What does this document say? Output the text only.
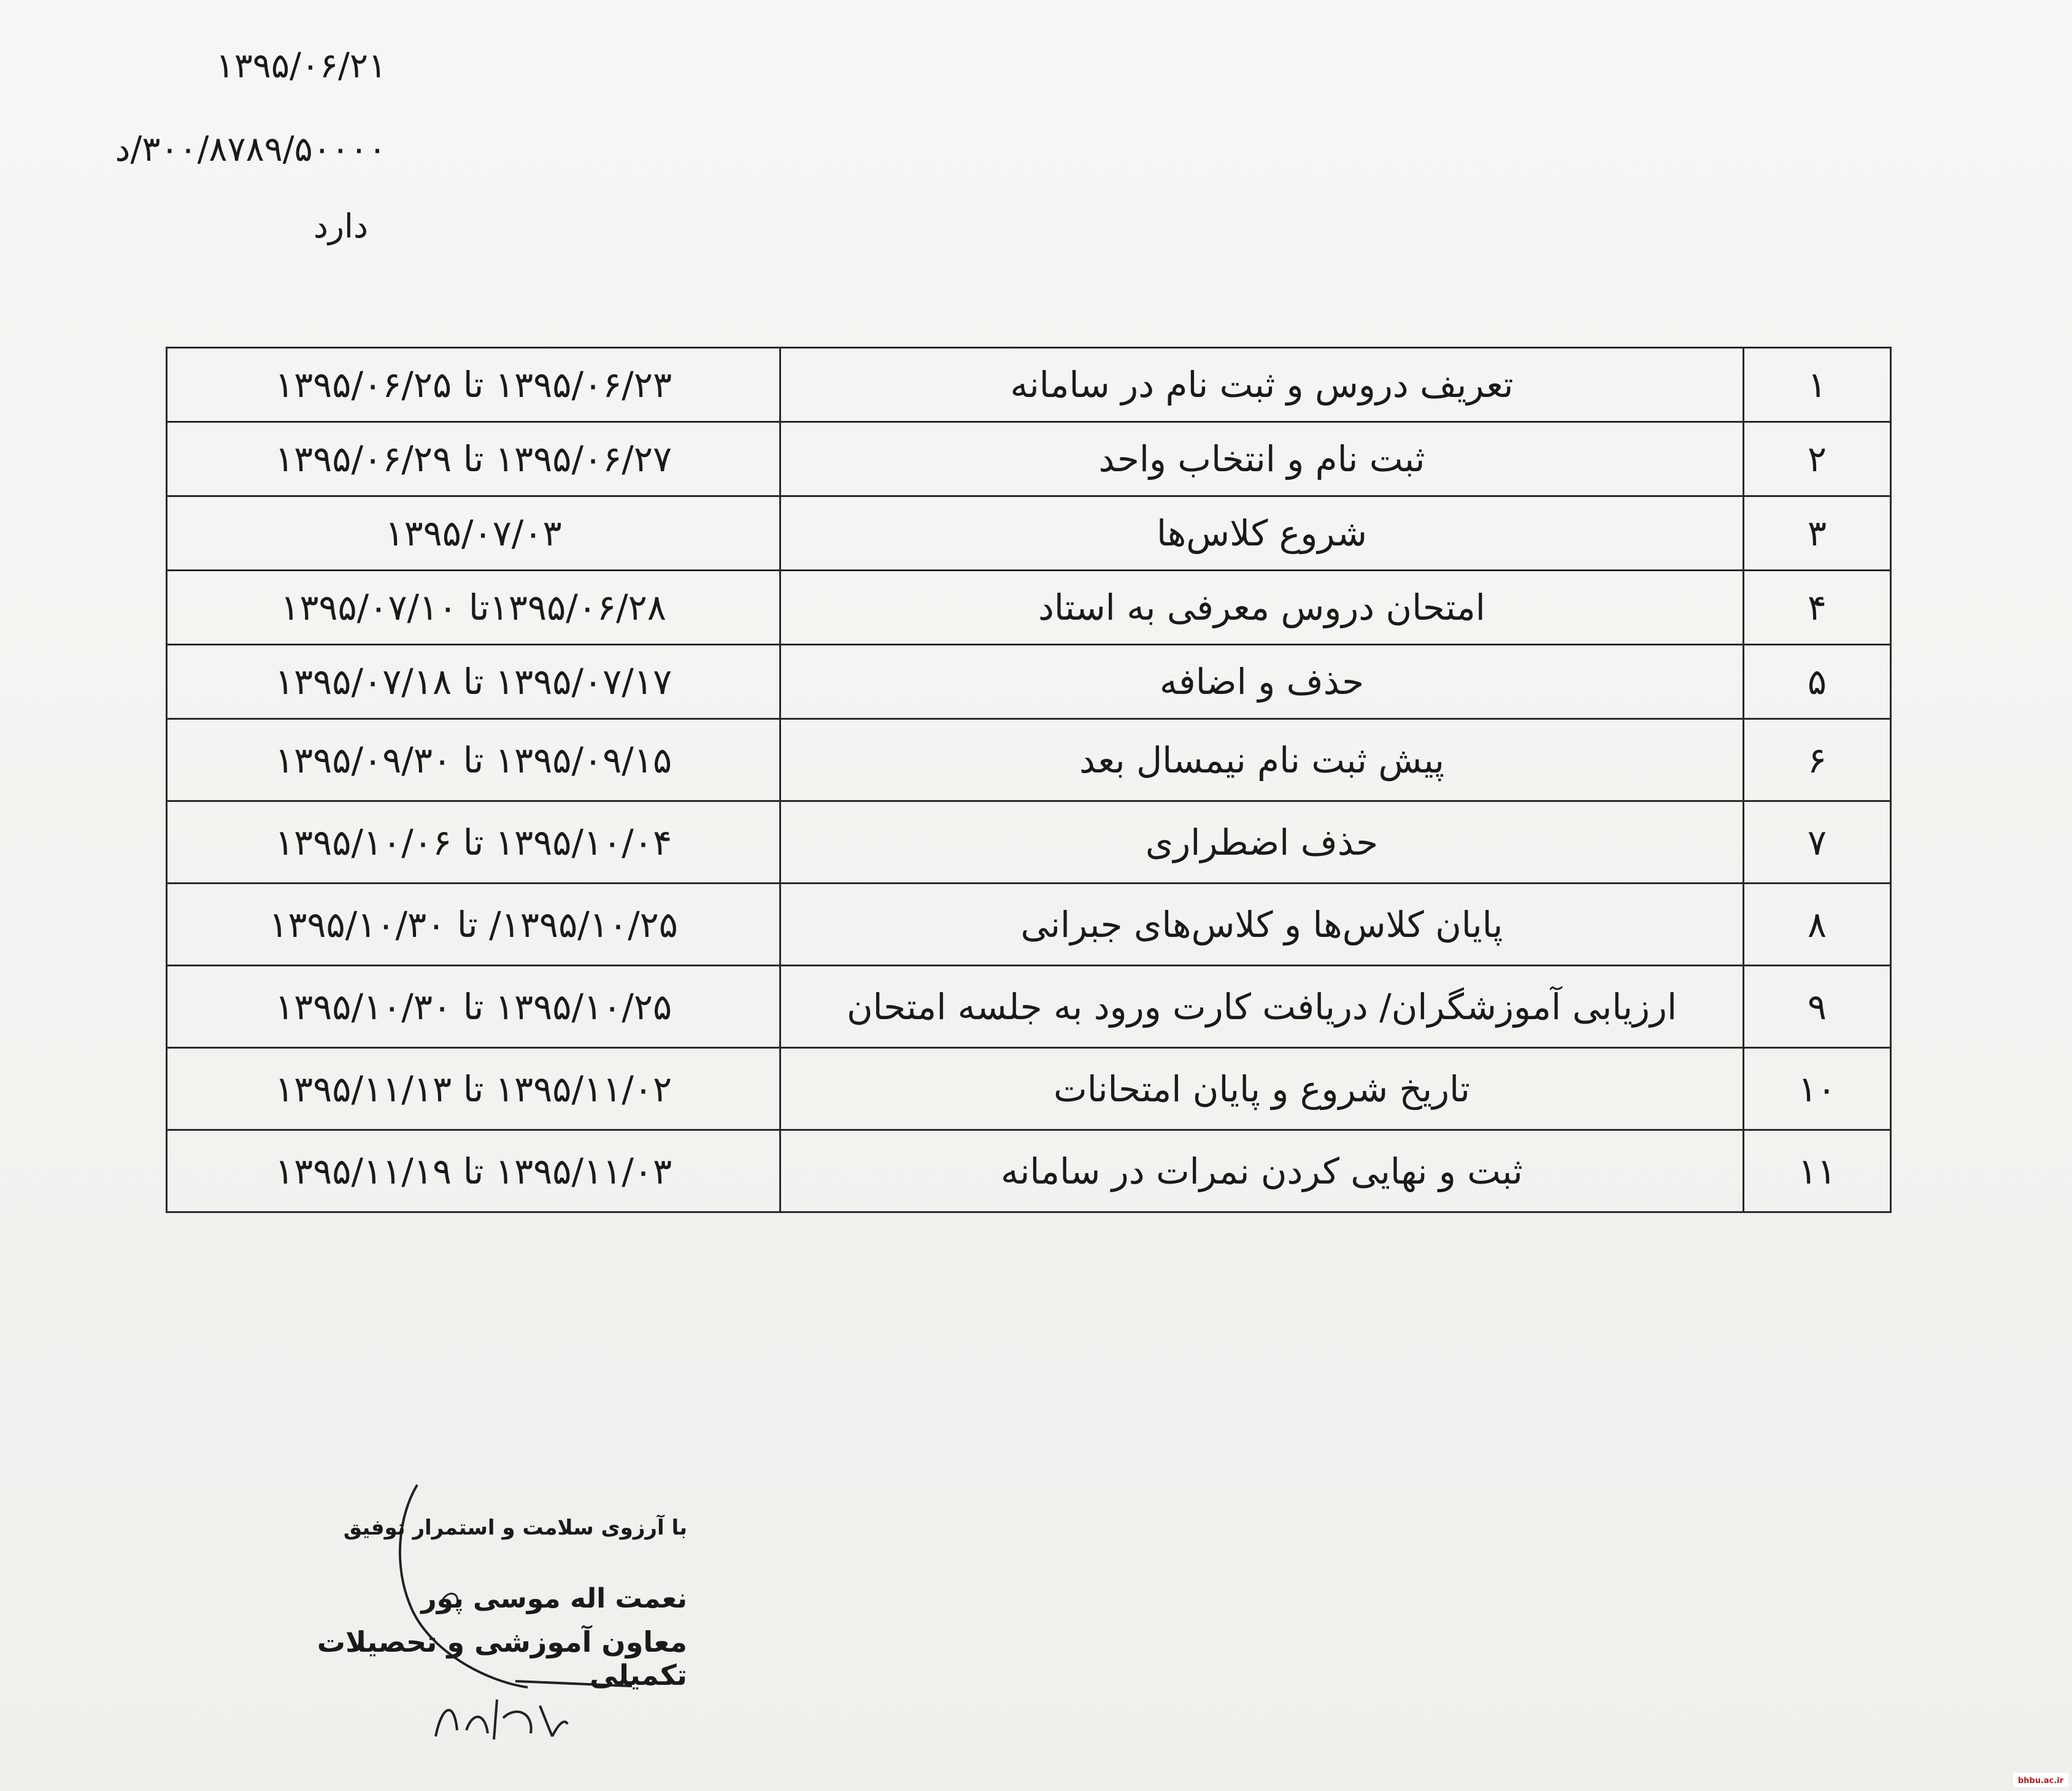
۱۳۹۵/۰۶/۲۱
۳۰۰/۸۷۸۹/۵۰۰۰۰/د
دارد
۱	تعریف دروس و ثبت نام در سامانه	۱۳۹۵/۰۶/۲۳ تا ۱۳۹۵/۰۶/۲۵
۲	ثبت نام و انتخاب واحد	۱۳۹۵/۰۶/۲۷ تا ۱۳۹۵/۰۶/۲۹
۳	شروع کلاس‌ها	۱۳۹۵/۰۷/۰۳
۴	امتحان دروس معرفی به استاد	۱۳۹۵/۰۶/۲۸تا ۱۳۹۵/۰۷/۱۰
۵	حذف و اضافه	۱۳۹۵/۰۷/۱۷ تا ۱۳۹۵/۰۷/۱۸
۶	پیش ثبت نام نیمسال بعد	۱۳۹۵/۰۹/۱۵ تا ۱۳۹۵/۰۹/۳۰
۷	حذف اضطراری	۱۳۹۵/۱۰/۰۴ تا ۱۳۹۵/۱۰/۰۶
۸	پایان کلاس‌ها و کلاس‌های جبرانی	۱۳۹۵/۱۰/۲۵/ تا ۱۳۹۵/۱۰/۳۰
۹	ارزیابی آموزشگران/ دریافت کارت ورود به جلسه امتحان	۱۳۹۵/۱۰/۲۵ تا ۱۳۹۵/۱۰/۳۰
۱۰	تاریخ شروع و پایان امتحانات	۱۳۹۵/۱۱/۰۲ تا ۱۳۹۵/۱۱/۱۳
۱۱	ثبت و نهایی کردن نمرات در سامانه	۱۳۹۵/۱۱/۰۳ تا ۱۳۹۵/۱۱/۱۹
با آرزوی سلامت و استمرار توفیق
نعمت اله موسی پور
معاون آموزشی و تحصیلات تکمیلی
bhbu.ac.ir
